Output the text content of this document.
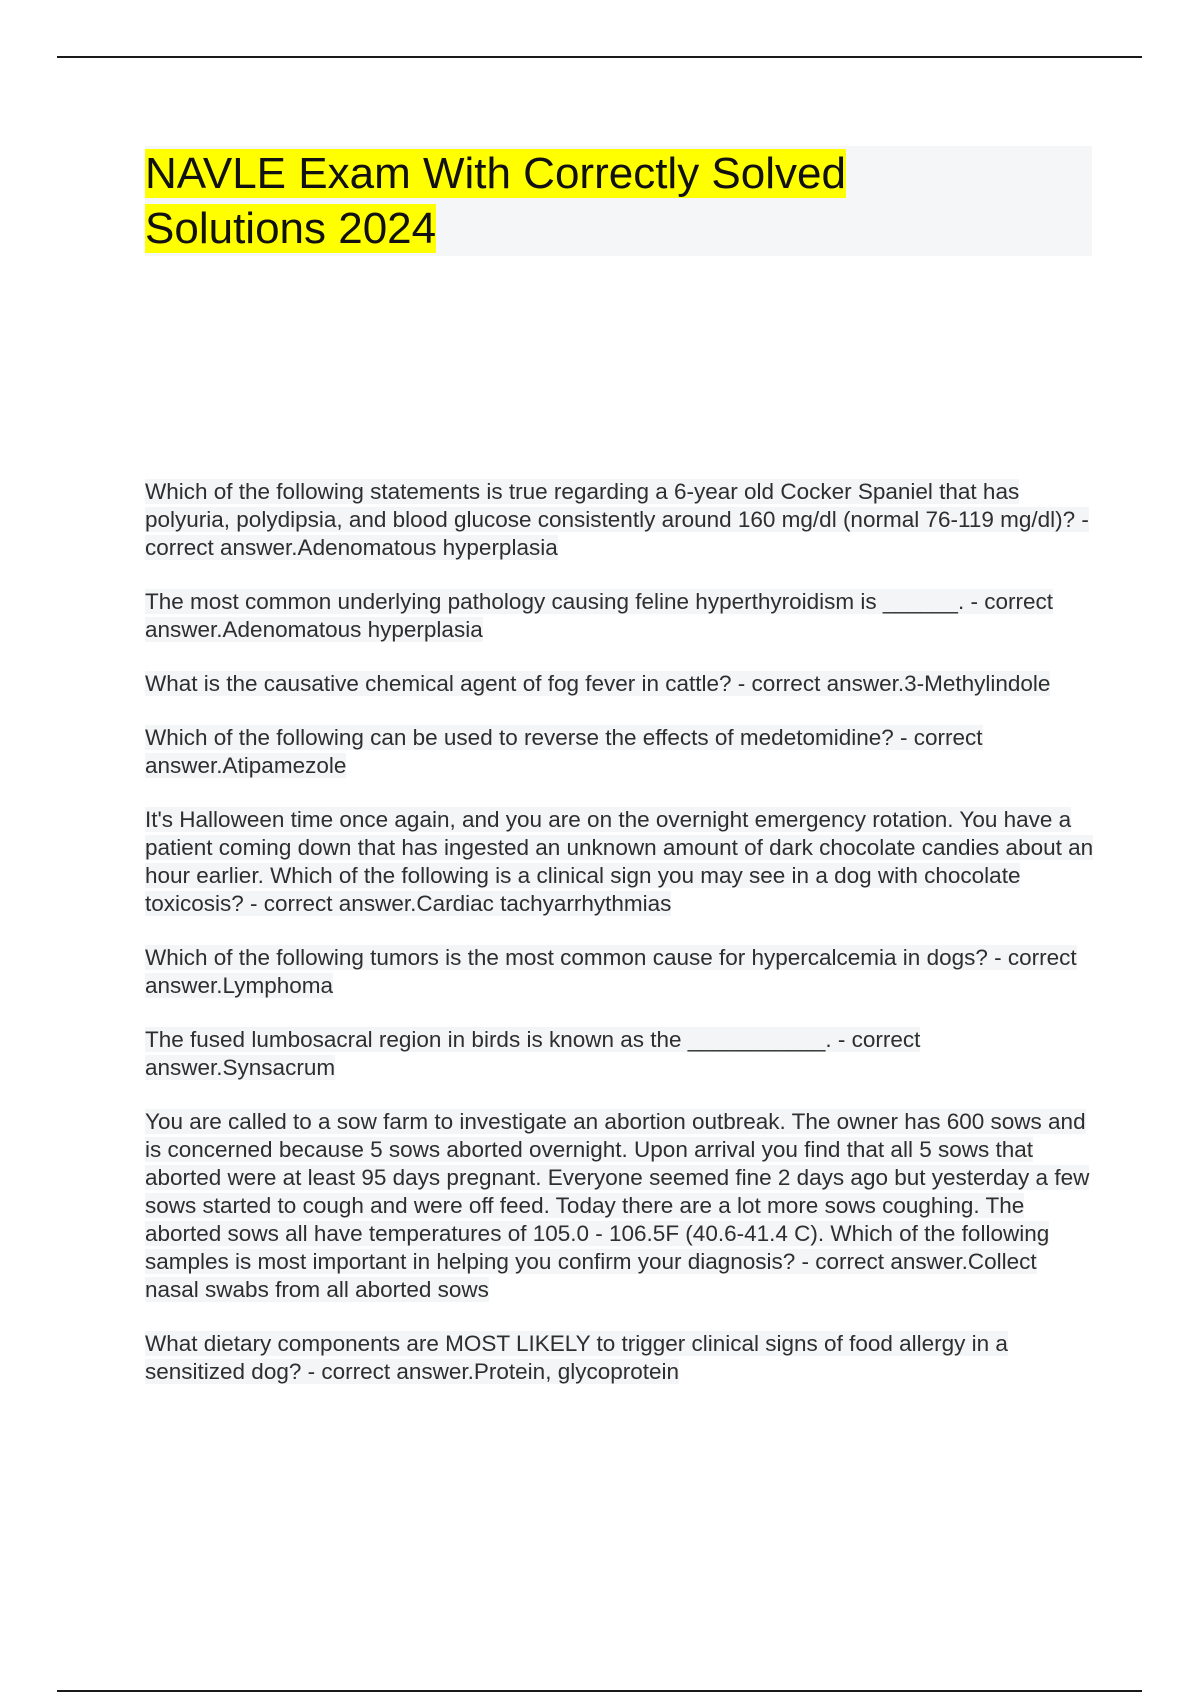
NAVLE Exam With Correctly Solved Solutions 2024

Which of the following statements is true regarding a 6-year old Cocker Spaniel that has polyuria, polydipsia, and blood glucose consistently around 160 mg/dl (normal 76-119 mg/dl)? - correct answer.Adenomatous hyperplasia

The most common underlying pathology causing feline hyperthyroidism is ______. - correct answer.Adenomatous hyperplasia

What is the causative chemical agent of fog fever in cattle? - correct answer.3-Methylindole

Which of the following can be used to reverse the effects of medetomidine? - correct answer.Atipamezole

It's Halloween time once again, and you are on the overnight emergency rotation. You have a patient coming down that has ingested an unknown amount of dark chocolate candies about an hour earlier. Which of the following is a clinical sign you may see in a dog with chocolate toxicosis? - correct answer.Cardiac tachyarrhythmias

Which of the following tumors is the most common cause for hypercalcemia in dogs? - correct answer.Lymphoma

The fused lumbosacral region in birds is known as the ___________. - correct answer.Synsacrum

You are called to a sow farm to investigate an abortion outbreak. The owner has 600 sows and is concerned because 5 sows aborted overnight. Upon arrival you find that all 5 sows that aborted were at least 95 days pregnant. Everyone seemed fine 2 days ago but yesterday a few sows started to cough and were off feed. Today there are a lot more sows coughing. The aborted sows all have temperatures of 105.0 - 106.5F (40.6-41.4 C). Which of the following samples is most important in helping you confirm your diagnosis? - correct answer.Collect nasal swabs from all aborted sows

What dietary components are MOST LIKELY to trigger clinical signs of food allergy in a sensitized dog? - correct answer.Protein, glycoprotein
